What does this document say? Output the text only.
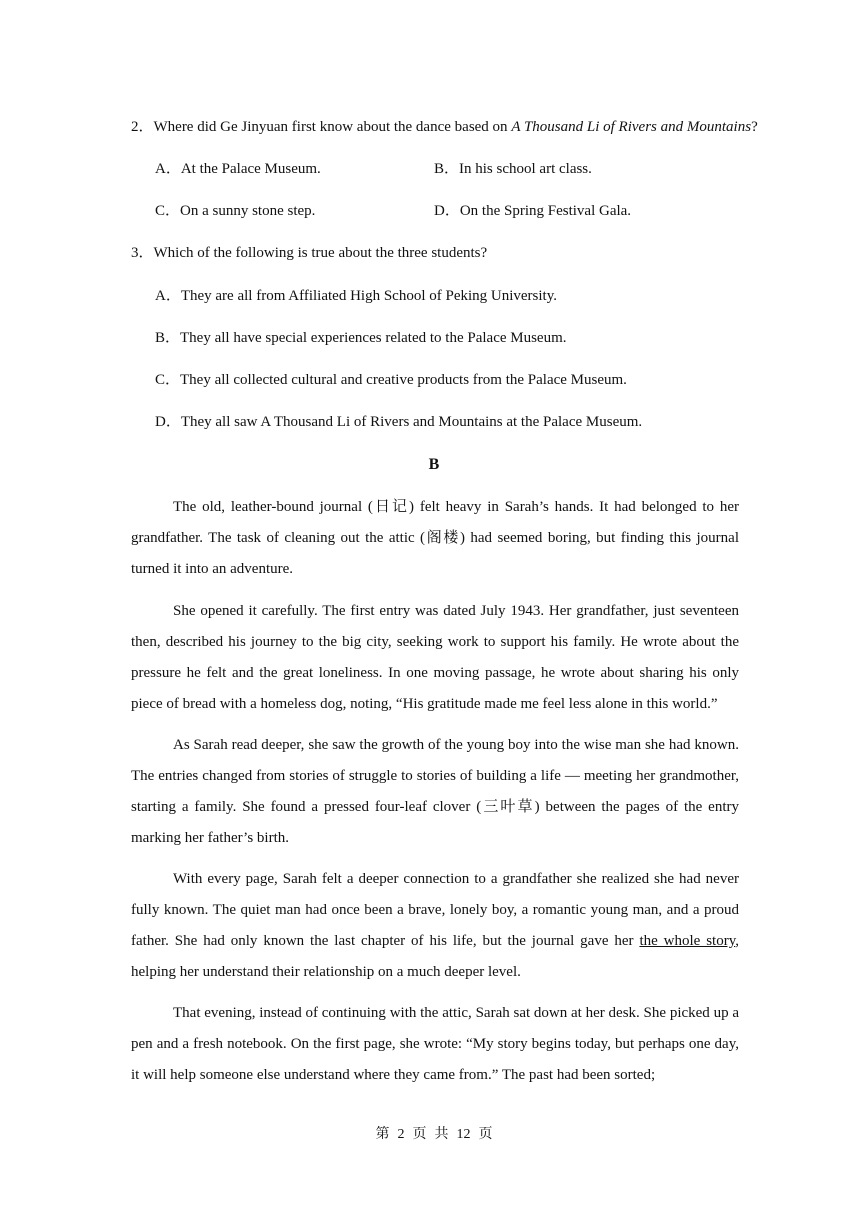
2．Where did Ge Jinyuan first know about the dance based on A Thousand Li of Rivers and Mountains?
A．At the Palace Museum.	B．In his school art class.
C．On a sunny stone step.	D．On the Spring Festival Gala.
3．Which of the following is true about the three students?
A．They are all from Affiliated High School of Peking University.
B．They all have special experiences related to the Palace Museum.
C．They all collected cultural and creative products from the Palace Museum.
D．They all saw A Thousand Li of Rivers and Mountains at the Palace Museum.
B

The old, leather-bound journal (日记) felt heavy in Sarah’s hands. It had belonged to her grandfather. The task of cleaning out the attic (阁楼) had seemed boring, but finding this journal turned it into an adventure.

She opened it carefully. The first entry was dated July 1943. Her grandfather, just seventeen then, described his journey to the big city, seeking work to support his family. He wrote about the pressure he felt and the great loneliness. In one moving passage, he wrote about sharing his only piece of bread with a homeless dog, noting, “His gratitude made me feel less alone in this world.”

As Sarah read deeper, she saw the growth of the young boy into the wise man she had known. The entries changed from stories of struggle to stories of building a life — meeting her grandmother, starting a family. She found a pressed four-leaf clover (三叶草) between the pages of the entry marking her father’s birth.

With every page, Sarah felt a deeper connection to a grandfather she realized she had never fully known. The quiet man had once been a brave, lonely boy, a romantic young man, and a proud father. She had only known the last chapter of his life, but the journal gave her the whole story, helping her understand their relationship on a much deeper level.

That evening, instead of continuing with the attic, Sarah sat down at her desk. She picked up a pen and a fresh notebook. On the first page, she wrote: “My story begins today, but perhaps one day, it will help someone else understand where they came from.” The past had been sorted;

第 2 页 共 12 页
